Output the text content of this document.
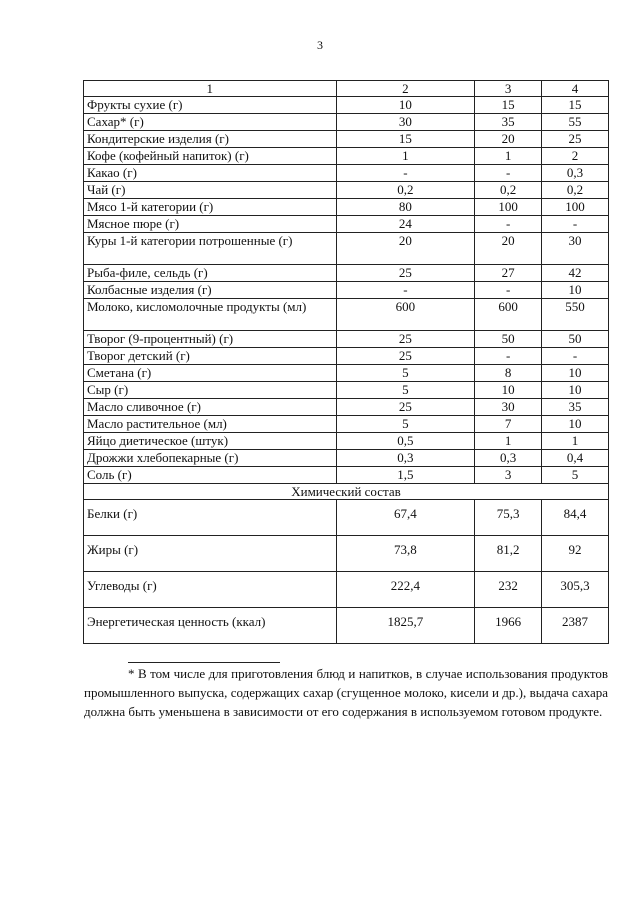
3
1	2	3	4
Фрукты сухие (г)	10	15	15
Сахар* (г)	30	35	55
Кондитерские изделия (г)	15	20	25
Кофе (кофейный напиток) (г)	1	1	2
Какао (г)	-	-	0,3
Чай (г)	0,2	0,2	0,2
Мясо 1-й категории (г)	80	100	100
Мясное пюре (г)	24	-	-
Куры 1-й категории потрошенные (г)	20	20	30
Рыба-филе, сельдь (г)	25	27	42
Колбасные изделия (г)	-	-	10
Молоко, кисломолочные продукты (мл)	600	600	550
Творог (9-процентный) (г)	25	50	50
Творог детский (г)	25	-	-
Сметана (г)	5	8	10
Сыр (г)	5	10	10
Масло сливочное (г)	25	30	35
Масло растительное (мл)	5	7	10
Яйцо диетическое (штук)	0,5	1	1
Дрожжи хлебопекарные (г)	0,3	0,3	0,4
Соль (г)	1,5	3	5
Химический состав			
Белки (г)	67,4	75,3	84,4
Жиры (г)	73,8	81,2	92
Углеводы (г)	222,4	232	305,3
Энергетическая ценность (ккал)	1825,7	1966	2387

* В том числе для приготовления блюд и напитков, в случае использования продуктов промышленного выпуска, содержащих сахар (сгущенное молоко, кисели и др.), выдача сахара должна быть уменьшена в зависимости от его содержания в используемом готовом продукте.
